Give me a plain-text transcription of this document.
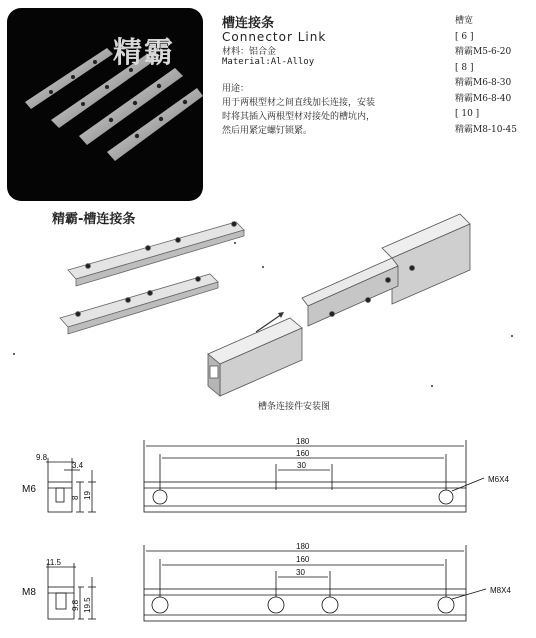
精霸
槽连接条
Connector Link
材料：铝合金
Material:Al-Alloy
用途：
用于两根型材之间直线加长连接，安装
时将其插入两根型材对接处的槽坑内，
然后用紧定螺钉锁紧。
槽宽
[ 6 ]
精霸M5-6-20
[ 8 ]
精霸M6-8-30
精霸M6-8-40
[ 10 ]
精霸M8-10-45
精霸-槽连接条
槽条连接件安装图
9.8
3.4
M6
8 19
180
160
30
M6X4
11.5
M8
9.8 19.5
180
160
30
M8X4
